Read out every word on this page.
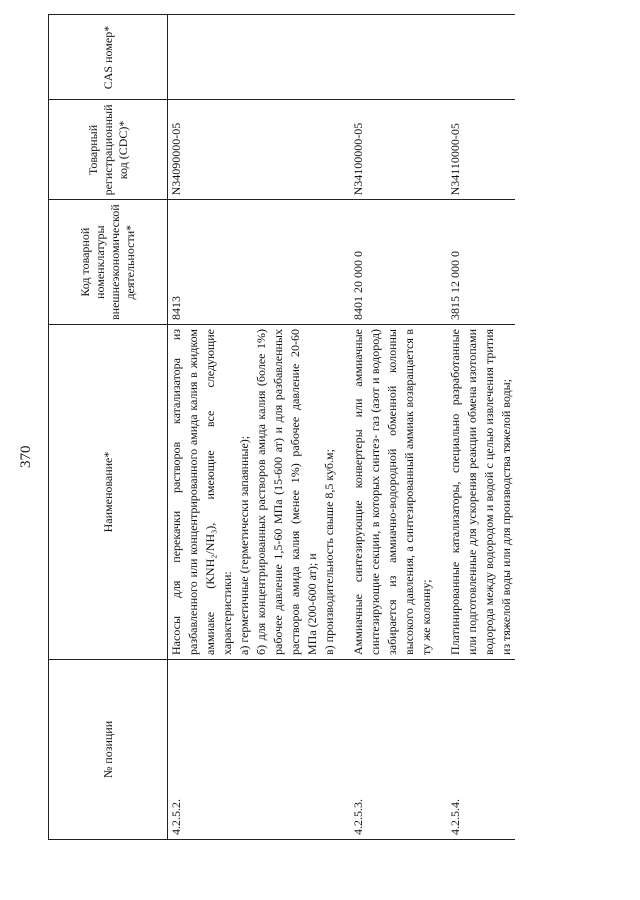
370
№ позиции	Наименование*	Код товарной номенклатуры внешнеэкономической деятельности*	Товарный регистрационный код (CDC)*	CAS номер*
4.2.5.2.	Насосы для перекачки растворов катализатора из разбавленного или концентрированного амида калия в жидком аммиаке (KNH₂/NH₃), имеющие все следующие характеристики: а) герметичные (герметически запаянные); б) для концентрированных растворов амида калия (более 1%) рабочее давление 1,5-60 МПа (15-600 ат) и для разбавленных растворов амида калия (менее 1%) рабочее давление 20-60 МПа (200-600 ат); и в) производительность свыше 8,5 куб.м;	8413	N34090000-05	
4.2.5.3.	Аммиачные синтезирующие конвертеры или аммиачные синтезирующие секции, в которых синтез- газ (азот и водород) забирается из аммиачно-водородной обменной колонны высокого давления, а синтезированный аммиак возвращается в ту же колонну;	8401 20 000 0	N34100000-05	
4.2.5.4.	Платинированные катализаторы, специально разработанные или подготовленные для ускорения реакции обмена изотопами водорода между водородом и водой с целью извлечения трития из тяжелой воды или для производства тяжелой воды;	3815 12 000 0	N34110000-05	
